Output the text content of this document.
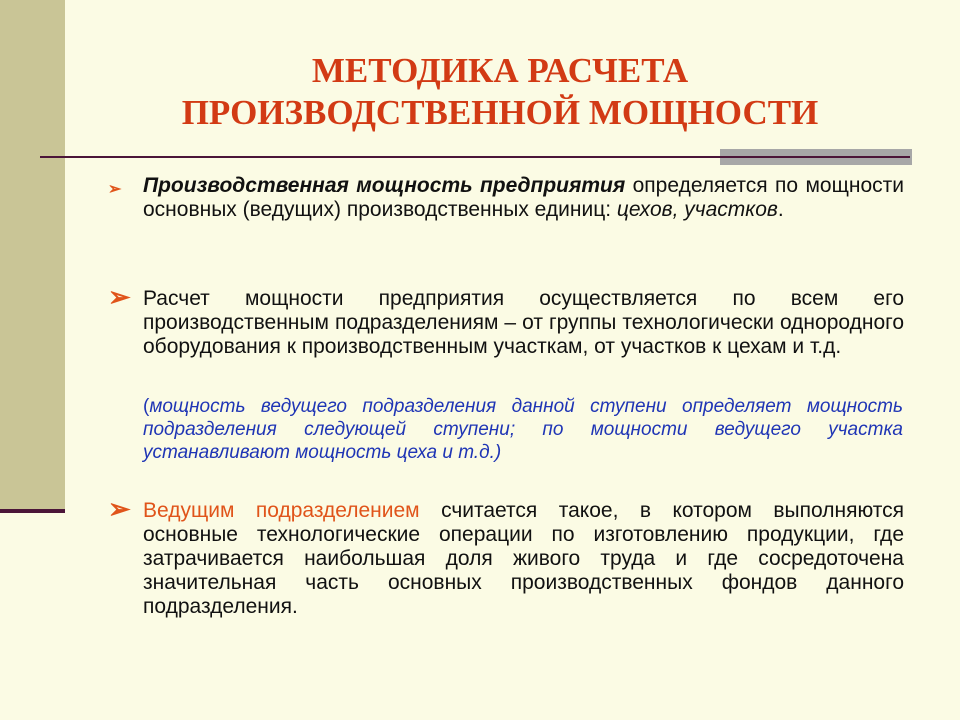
МЕТОДИКА РАСЧЕТА
ПРОИЗВОДСТВЕННОЙ МОЩНОСТИ
➢ Производственная мощность предприятия определяется по мощности основных (ведущих) производственных единиц: цехов, участков.

➢ Расчет мощности предприятия осуществляется по всем его производственным подразделениям – от группы технологически однородного оборудования к производственным участкам, от участков к цехам и т.д.

(мощность ведущего подразделения данной ступени определяет мощность подразделения следующей ступени; по мощности ведущего участка устанавливают мощность цеха и т.д.)

➢ Ведущим подразделением считается такое, в котором выполняются основные технологические операции по изготовлению продукции, где затрачивается наибольшая доля живого труда и где сосредоточена значительная часть основных производственных фондов данного подразделения.
